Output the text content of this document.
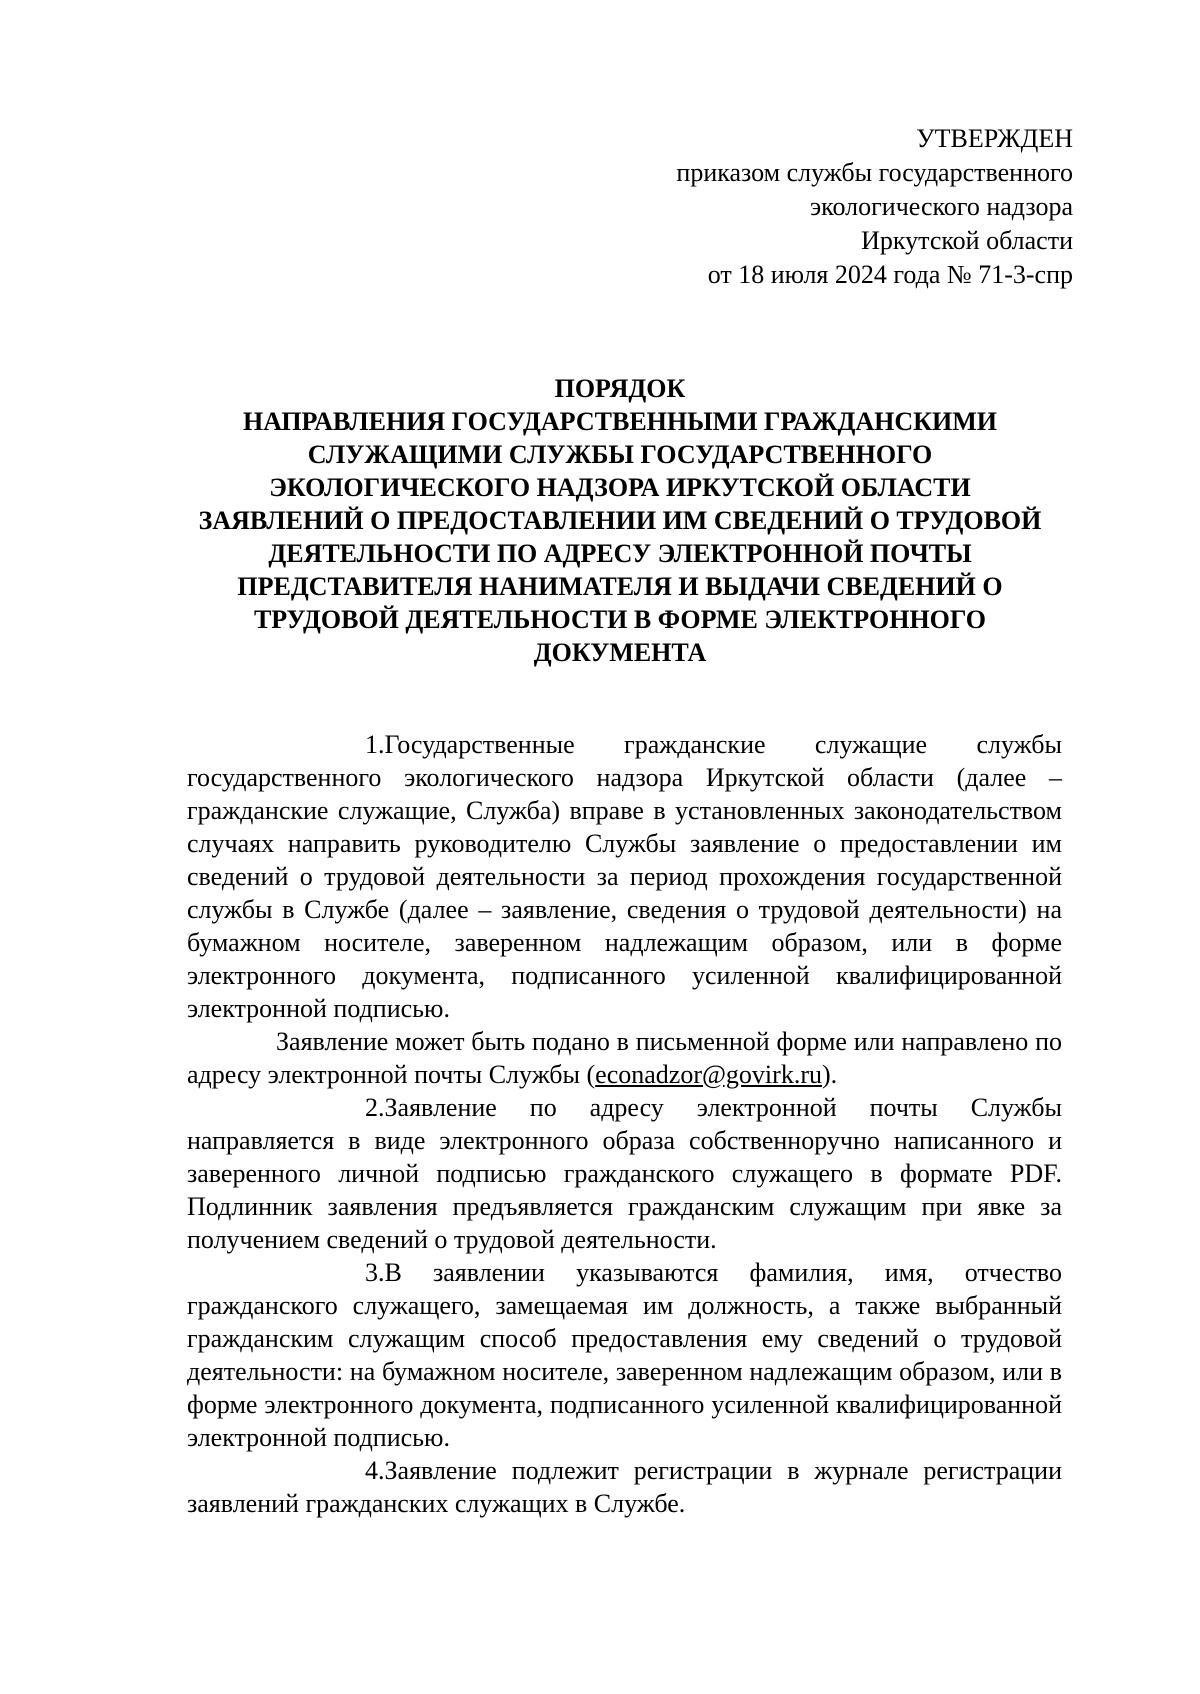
УТВЕРЖДЕН
приказом службы государственного
экологического надзора
Иркутской области
от 18 июля 2024 года № 71-3-спр
ПОРЯДОК
НАПРАВЛЕНИЯ ГОСУДАРСТВЕННЫМИ ГРАЖДАНСКИМИ
СЛУЖАЩИМИ СЛУЖБЫ ГОСУДАРСТВЕННОГО
ЭКОЛОГИЧЕСКОГО НАДЗОРА ИРКУТСКОЙ ОБЛАСТИ
ЗАЯВЛЕНИЙ О ПРЕДОСТАВЛЕНИИ ИМ СВЕДЕНИЙ О ТРУДОВОЙ
ДЕЯТЕЛЬНОСТИ ПО АДРЕСУ ЭЛЕКТРОННОЙ ПОЧТЫ
ПРЕДСТАВИТЕЛЯ НАНИМАТЕЛЯ И ВЫДАЧИ СВЕДЕНИЙ О
ТРУДОВОЙ ДЕЯТЕЛЬНОСТИ В ФОРМЕ ЭЛЕКТРОННОГО
ДОКУМЕНТА

1.Государственные гражданские служащие службы государственного экологического надзора Иркутской области (далее – гражданские служащие, Служба) вправе в установленных законодательством случаях направить руководителю Службы заявление о предоставлении им сведений о трудовой деятельности за период прохождения государственной службы в Службе (далее – заявление, сведения о трудовой деятельности) на бумажном носителе, заверенном надлежащим образом, или в форме электронного документа, подписанного усиленной квалифицированной электронной подписью.

Заявление может быть подано в письменной форме или направлено по адресу электронной почты Службы (econadzor@govirk.ru).

2.Заявление по адресу электронной почты Службы направляется в виде электронного образа собственноручно написанного и заверенного личной подписью гражданского служащего в формате PDF. Подлинник заявления предъявляется гражданским служащим при явке за получением сведений о трудовой деятельности.

3.В заявлении указываются фамилия, имя, отчество гражданского служащего, замещаемая им должность, а также выбранный гражданским служащим способ предоставления ему сведений о трудовой деятельности: на бумажном носителе, заверенном надлежащим образом, или в форме электронного документа, подписанного усиленной квалифицированной электронной подписью.

4.Заявление подлежит регистрации в журнале регистрации заявлений гражданских служащих в Службе.
